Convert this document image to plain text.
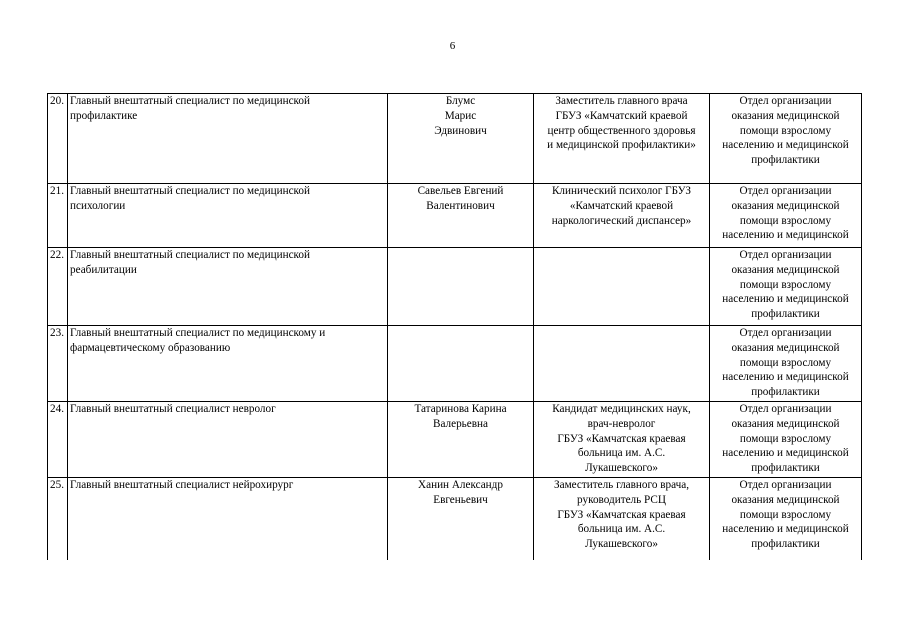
6
20.	Главный внештатный специалист по медицинской
профилактике	Блумс
Марис
Эдвинович	Заместитель главного врача
ГБУЗ «Камчатский краевой
центр общественного здоровья
и медицинской профилактики»	Отдел организации
оказания медицинской
помощи взрослому
населению и медицинской
профилактики

21.	Главный внештатный специалист по медицинской
психологии	Савельев Евгений
Валентинович	Клинический психолог ГБУЗ
«Камчатский краевой
наркологический диспансер»	Отдел организации
оказания медицинской
помощи взрослому
населению и медицинской

22.	Главный внештатный специалист по медицинской
реабилитации			Отдел организации
оказания медицинской
помощи взрослому
населению и медицинской
профилактики

23.	Главный внештатный специалист по медицинскому и
фармацевтическому образованию			Отдел организации
оказания медицинской
помощи взрослому
населению и медицинской
профилактики

24.	Главный внештатный специалист невролог	Татаринова Карина
Валерьевна	Кандидат медицинских наук,
врач-невролог
ГБУЗ «Камчатская краевая
больница им. А.С.
Лукашевского»	Отдел организации
оказания медицинской
помощи взрослому
населению и медицинской
профилактики

25.	Главный внештатный специалист нейрохирург	Ханин Александр
Евгеньевич	Заместитель главного врача,
руководитель РСЦ
ГБУЗ «Камчатская краевая
больница им. А.С.
Лукашевского»	Отдел организации
оказания медицинской
помощи взрослому
населению и медицинской
профилактики
